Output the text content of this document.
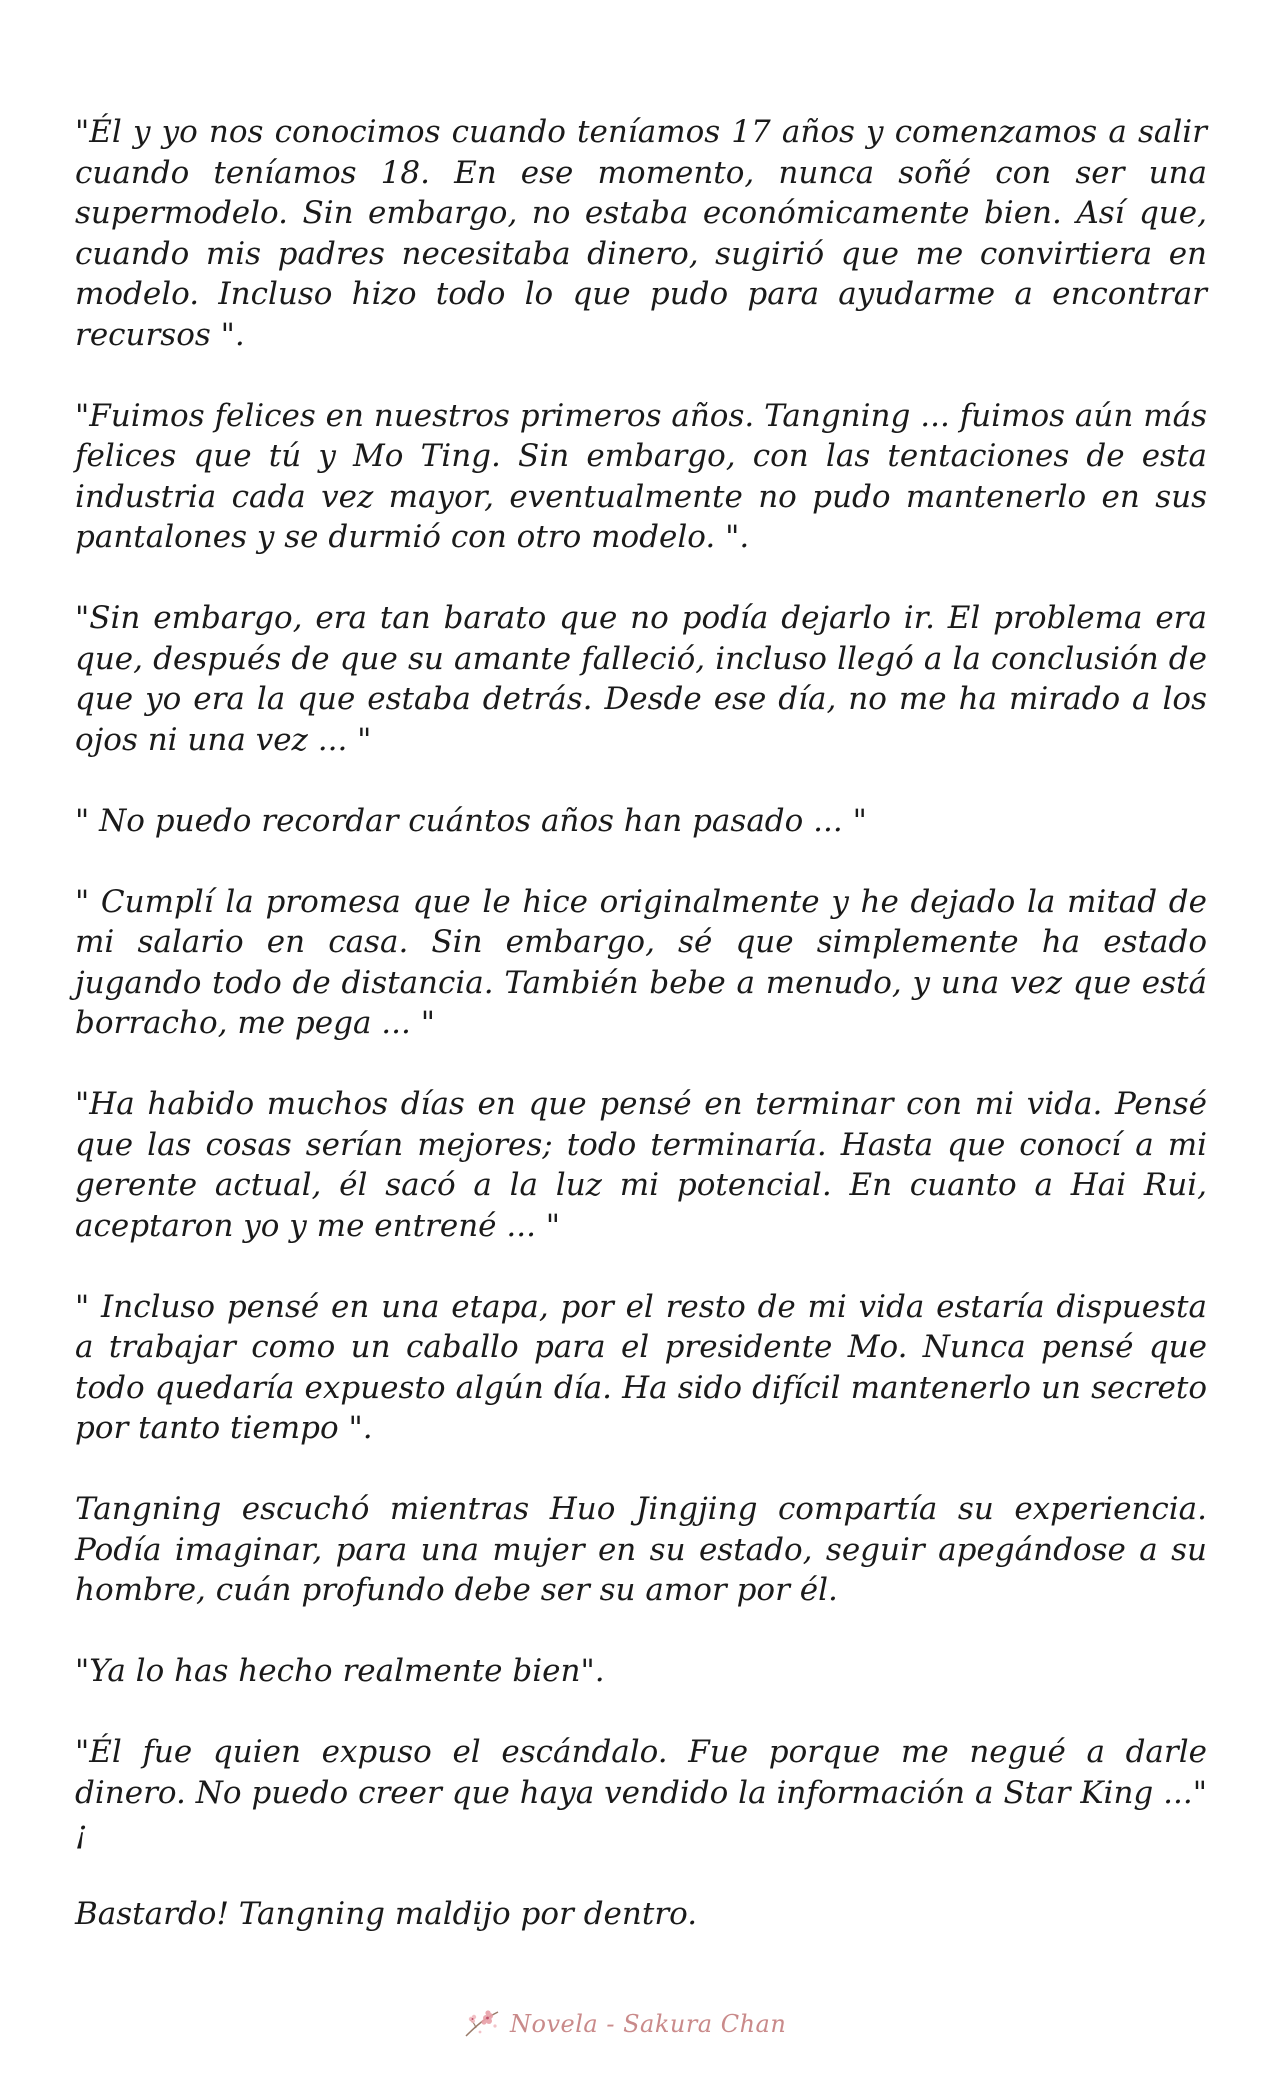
"Él y yo nos conocimos cuando teníamos 17 años y comenzamos a salir cuando teníamos 18. En ese momento, nunca soñé con ser una supermodelo. Sin embargo, no estaba económicamente bien. Así que, cuando mis padres necesitaba dinero, sugirió que me convirtiera en modelo. Incluso hizo todo lo que pudo para ayudarme a encontrar recursos ".

"Fuimos felices en nuestros primeros años. Tangning ... fuimos aún más felices que tú y Mo Ting. Sin embargo, con las tentaciones de esta industria cada vez mayor, eventualmente no pudo mantenerlo en sus pantalones y se durmió con otro modelo. ".

"Sin embargo, era tan barato que no podía dejarlo ir. El problema era que, después de que su amante falleció, incluso llegó a la conclusión de que yo era la que estaba detrás. Desde ese día, no me ha mirado a los ojos ni una vez ... "

" No puedo recordar cuántos años han pasado ... "

" Cumplí la promesa que le hice originalmente y he dejado la mitad de mi salario en casa. Sin embargo, sé que simplemente ha estado jugando todo de distancia. También bebe a menudo, y una vez que está borracho, me pega ... "

"Ha habido muchos días en que pensé en terminar con mi vida. Pensé que las cosas serían mejores; todo terminaría. Hasta que conocí a mi gerente actual, él sacó a la luz mi potencial. En cuanto a Hai Rui, aceptaron yo y me entrené ... "

" Incluso pensé en una etapa, por el resto de mi vida estaría dispuesta a trabajar como un caballo para el presidente Mo. Nunca pensé que todo quedaría expuesto algún día. Ha sido difícil mantenerlo un secreto por tanto tiempo ".

Tangning escuchó mientras Huo Jingjing compartía su experiencia. Podía imaginar, para una mujer en su estado, seguir apegándose a su hombre, cuán profundo debe ser su amor por él.

"Ya lo has hecho realmente bien".

"Él fue quien expuso el escándalo. Fue porque me negué a darle dinero. No puedo creer que haya vendido la información a Star King ..." ¡

Bastardo! Tangning maldijo por dentro.

Novela - Sakura Chan
